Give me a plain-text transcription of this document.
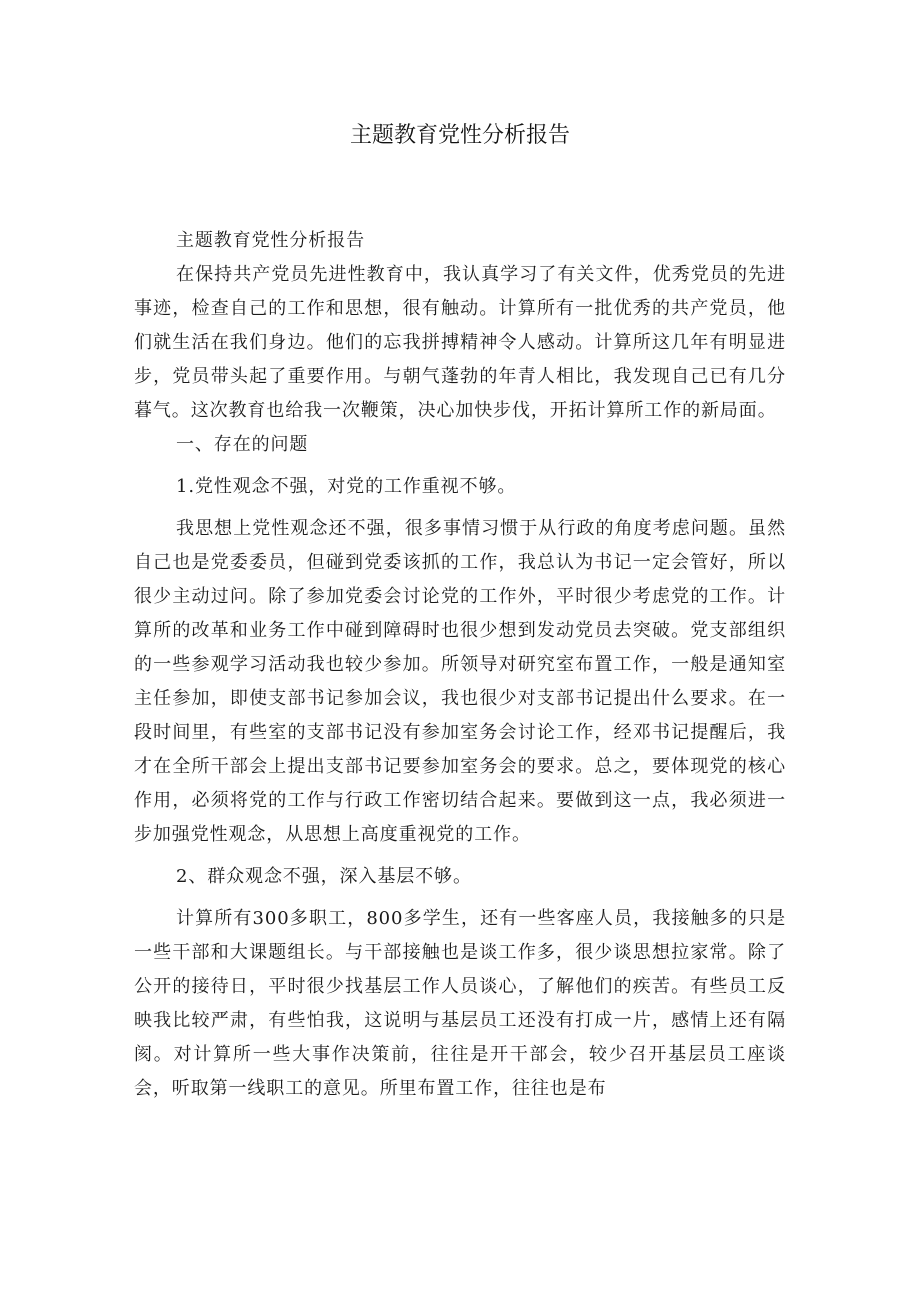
主题教育党性分析报告

主题教育党性分析报告

在保持共产党员先进性教育中，我认真学习了有关文件，优秀党员的先进事迹，检查自己的工作和思想，很有触动。计算所有一批优秀的共产党员，他们就生活在我们身边。他们的忘我拼搏精神令人感动。计算所这几年有明显进步，党员带头起了重要作用。与朝气蓬勃的年青人相比，我发现自己已有几分暮气。这次教育也给我一次鞭策，决心加快步伐，开拓计算所工作的新局面。

一、存在的问题

1.党性观念不强，对党的工作重视不够。

我思想上党性观念还不强，很多事情习惯于从行政的角度考虑问题。虽然自己也是党委委员，但碰到党委该抓的工作，我总认为书记一定会管好，所以很少主动过问。除了参加党委会讨论党的工作外，平时很少考虑党的工作。计算所的改革和业务工作中碰到障碍时也很少想到发动党员去突破。党支部组织的一些参观学习活动我也较少参加。所领导对研究室布置工作，一般是通知室主任参加，即使支部书记参加会议，我也很少对支部书记提出什么要求。在一段时间里，有些室的支部书记没有参加室务会讨论工作，经邓书记提醒后，我才在全所干部会上提出支部书记要参加室务会的要求。总之，要体现党的核心作用，必须将党的工作与行政工作密切结合起来。要做到这一点，我必须进一步加强党性观念，从思想上高度重视党的工作。

2、群众观念不强，深入基层不够。

计算所有300多职工，800多学生，还有一些客座人员，我接触多的只是一些干部和大课题组长。与干部接触也是谈工作多，很少谈思想拉家常。除了公开的接待日，平时很少找基层工作人员谈心，了解他们的疾苦。有些员工反映我比较严肃，有些怕我，这说明与基层员工还没有打成一片，感情上还有隔阂。对计算所一些大事作决策前，往往是开干部会，较少召开基层员工座谈会，听取第一线职工的意见。所里布置工作，往往也是布
